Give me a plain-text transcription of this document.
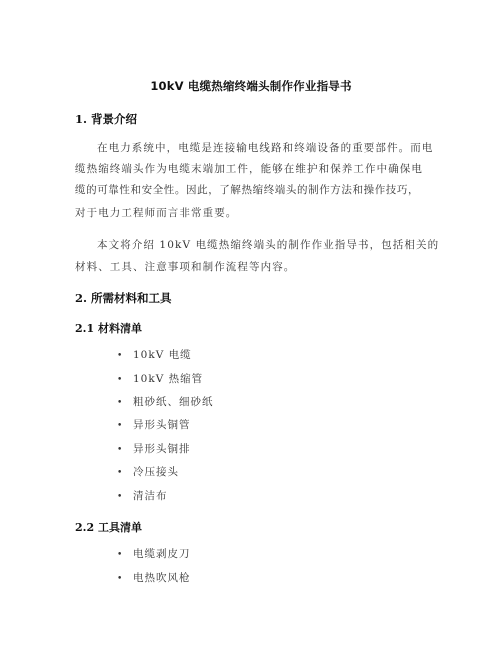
10kV 电缆热缩终端头制作作业指导书
1. 背景介绍
在电力系统中，电缆是连接输电线路和终端设备的重要部件。而电
缆热缩终端头作为电缆末端加工件，能够在维护和保养工作中确保电
缆的可靠性和安全性。因此，了解热缩终端头的制作方法和操作技巧，
对于电力工程师而言非常重要。
本文将介绍 10kV 电缆热缩终端头的制作作业指导书，包括相关的
材料、工具、注意事项和制作流程等内容。
2. 所需材料和工具
2.1 材料清单
• 10kV 电缆
• 10kV 热缩管
• 粗砂纸、细砂纸
• 异形头铜管
• 异形头铜排
• 冷压接头
• 清洁布
2.2 工具清单
• 电缆剥皮刀
• 电热吹风枪
